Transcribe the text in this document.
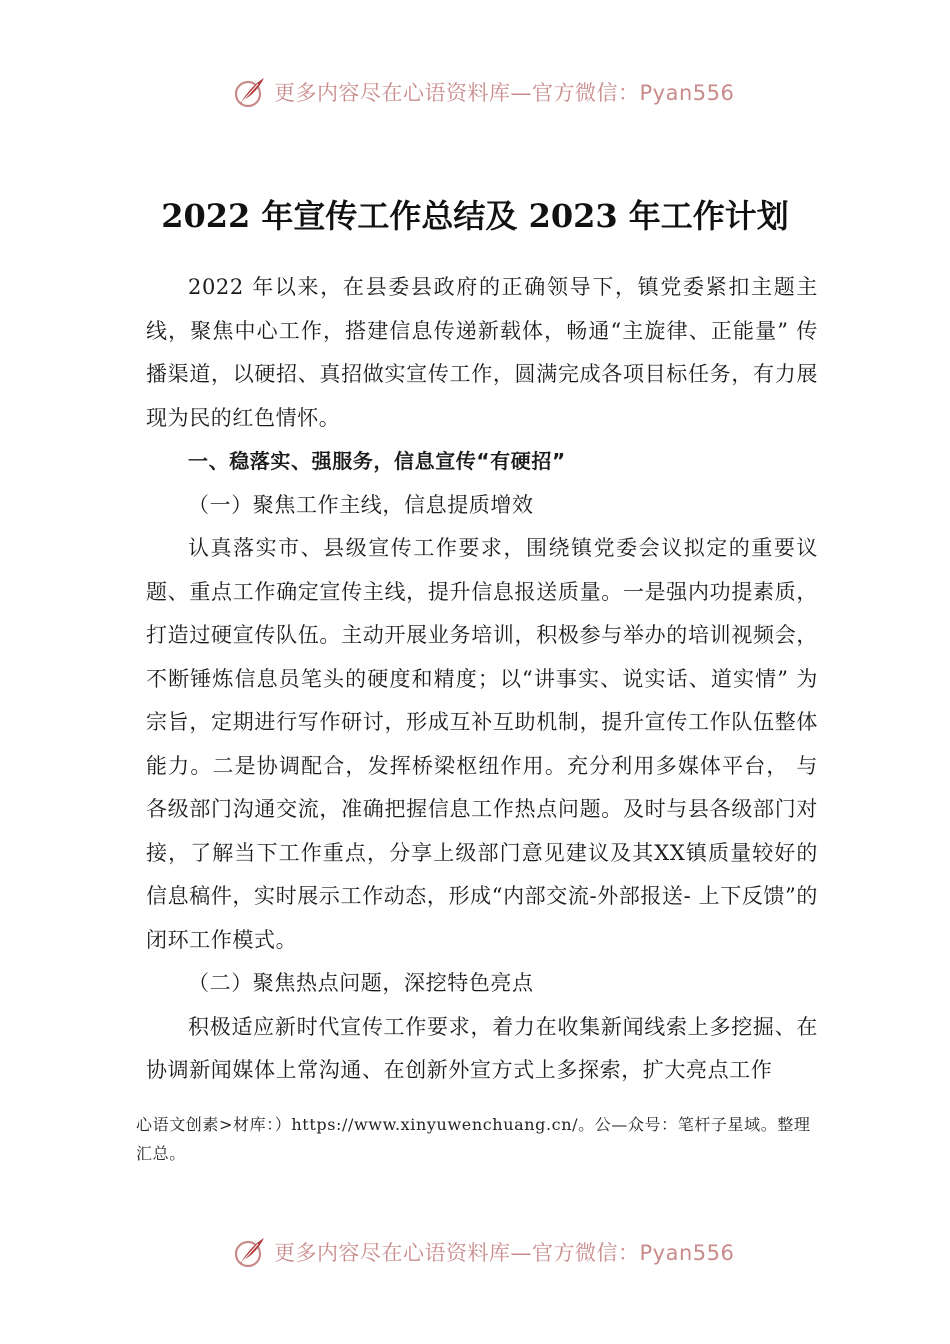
更多内容尽在心语资料库—官方微信：Pyan556
2022 年宣传工作总结及 2023 年工作计划

2022 年以来，在县委县政府的正确领导下，镇党委紧扣主题主线，聚焦中心工作，搭建信息传递新载体，畅通“主旋律、正能量” 传播渠道，以硬招、真招做实宣传工作，圆满完成各项目标任务，有力展现为民的红色情怀。

一、稳落实、强服务，信息宣传“有硬招”

（一）聚焦工作主线，信息提质增效

认真落实市、县级宣传工作要求，围绕镇党委会议拟定的重要议题、重点工作确定宣传主线，提升信息报送质量。一是强内功提素质， 打造过硬宣传队伍。主动开展业务培训，积极参与举办的培训视频会， 不断锤炼信息员笔头的硬度和精度；以“讲事实、说实话、道实情” 为宗旨，定期进行写作研讨，形成互补互助机制，提升宣传工作队伍整体能力。二是协调配合，发挥桥梁枢纽作用。充分利用多媒体平台， 与各级部门沟通交流，准确把握信息工作热点问题。及时与县各级部门对接，了解当下工作重点，分享上级部门意见建议及其XX镇质量较好的信息稿件，实时展示工作动态，形成“内部交流-外部报送- 上下反馈”的闭环工作模式。

（二）聚焦热点问题，深挖特色亮点

积极适应新时代宣传工作要求，着力在收集新闻线索上多挖掘、在协调新闻媒体上常沟通、在创新外宣方式上多探索，扩大亮点工作

心语文创素>材库：）https://www.xinyuwenchuang.cn/。公—众号：笔杆子星域。整理汇总。
更多内容尽在心语资料库—官方微信：Pyan556
